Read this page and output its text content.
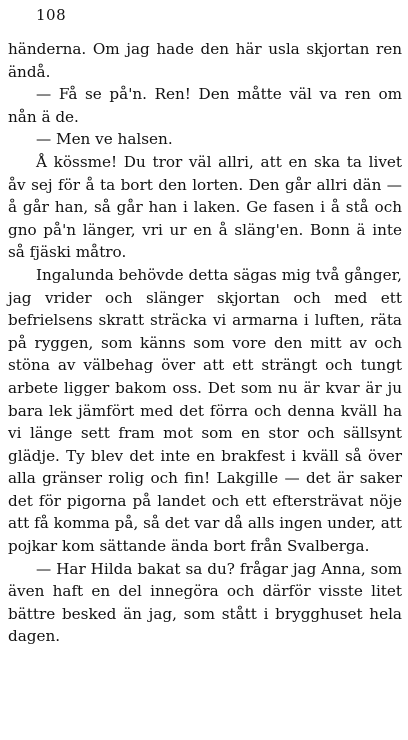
108

händerna. Om jag hade den här usla skjortan ren ändå.

— Få se på'n. Ren! Den måtte väl va ren om nån ä de.

— Men ve halsen.

Å kössme! Du tror väl allri, att en ska ta livet åv sej för å ta bort den lorten. Den går allri dän — å går han, så går han i laken. Ge fasen i å stå och gno på'n länger, vri ur en å släng'en. Bonn ä inte så fjäski måtro.

Ingalunda behövde detta sägas mig två gånger, jag vrider och slänger skjortan och med ett befrielsens skratt sträcka vi armarna i luften, räta på ryggen, som känns som vore den mitt av och stöna av välbehag över att ett strängt och tungt arbete ligger bakom oss. Det som nu är kvar är ju bara lek jämfört med det förra och denna kväll ha vi länge sett fram mot som en stor och sällsynt glädje. Ty blev det inte en brakfest i kväll så över alla gränser rolig och fin! Lakgille — det är saker det för pigorna på landet och ett eftersträvat nöje att få komma på, så det var då alls ingen under, att pojkar kom sättande ända bort från Svalberga.

— Har Hilda bakat sa du? frågar jag Anna, som även haft en del innegöra och därför visste litet bättre besked än jag, som stått i brygghuset hela dagen.
